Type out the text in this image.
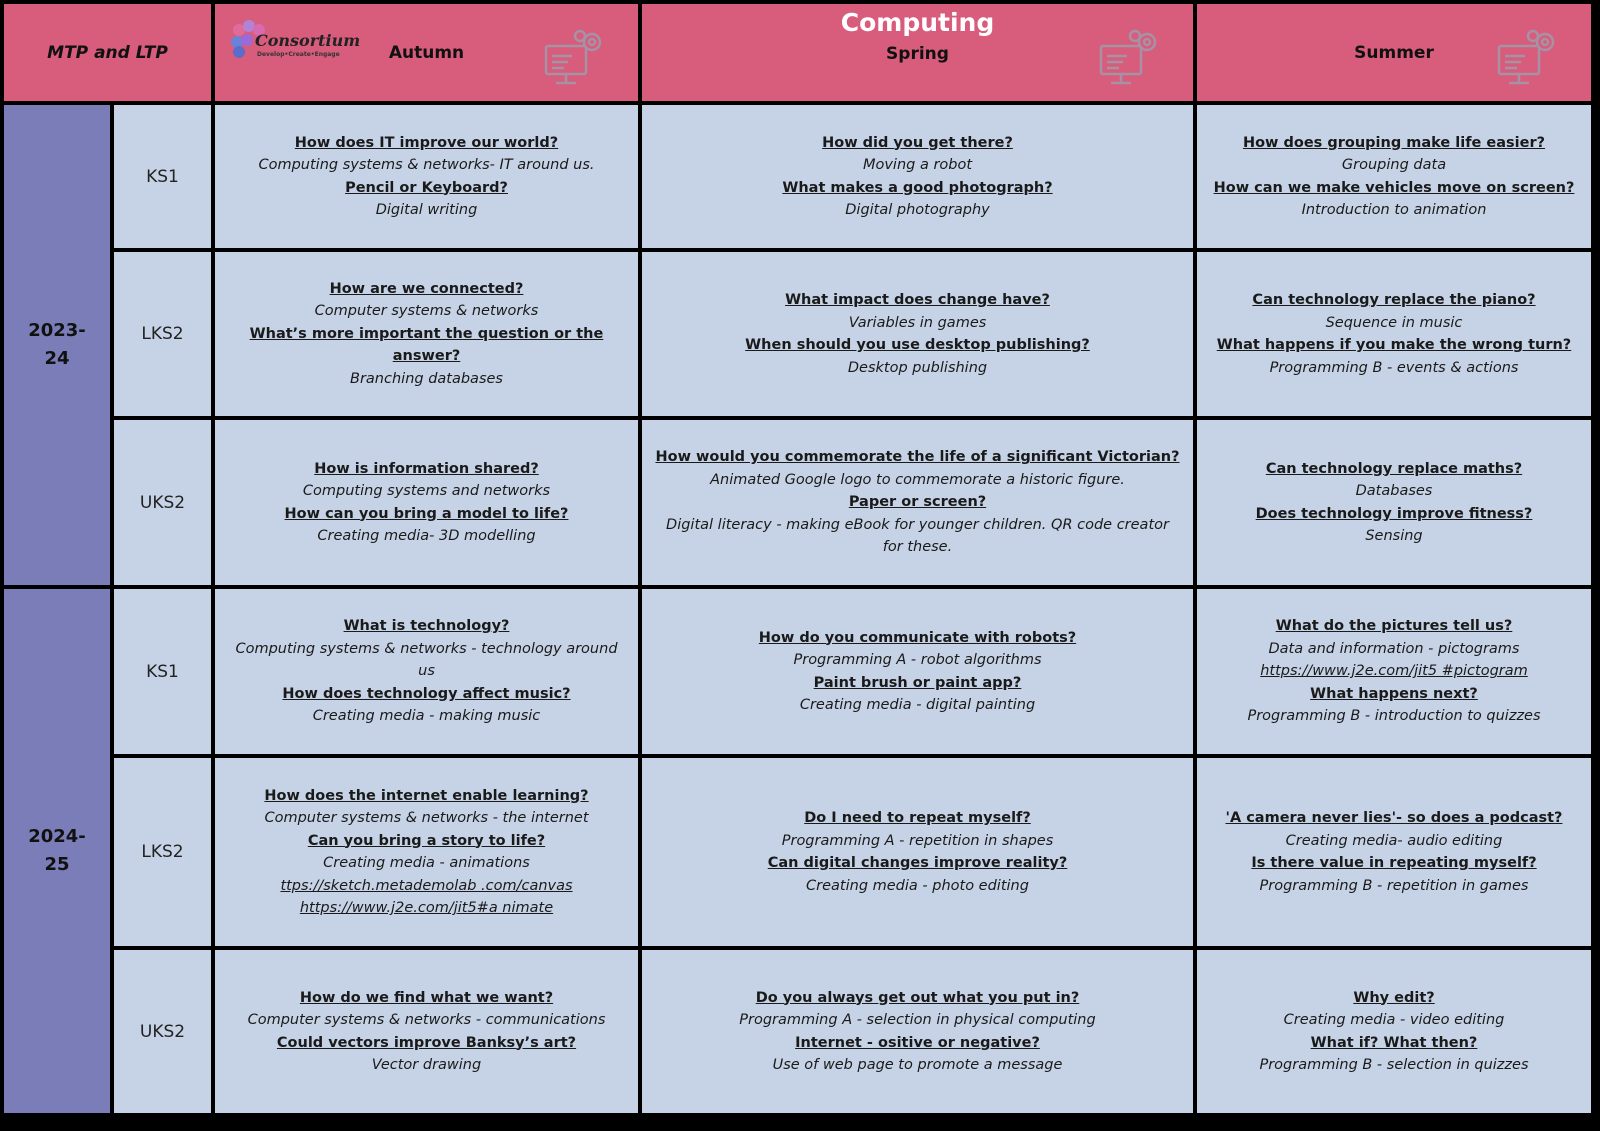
MTP and LTP
Consortium
Develop•Create•Engage	Autumn
Computing
Spring	Summer
2023-
24
KS1
How does IT improve our world?
Computing systems & networks- IT around us.
Pencil or Keyboard?
Digital writing
How did you get there?
Moving a robot
What makes a good photograph?
Digital photography
How does grouping make life easier?
Grouping data
How can we make vehicles move on screen?
Introduction to animation
LKS2
How are we connected?
Computer systems & networks
What’s more important the question or the answer?
Branching databases
What impact does change have?
Variables in games
When should you use desktop publishing?
Desktop publishing
Can technology replace the piano?
Sequence in music
What happens if you make the wrong turn?
Programming B - events & actions
UKS2
How is information shared?
Computing systems and networks
How can you bring a model to life?
Creating media- 3D modelling
How would you commemorate the life of a significant Victorian?
Animated Google logo to commemorate a historic figure.
Paper or screen?
Digital literacy - making eBook for younger children. QR code creator for these.
Can technology replace maths?
Databases
Does technology improve fitness?
Sensing
2024-
25
KS1
What is technology?
Computing systems & networks - technology around us
How does technology affect music?
Creating media - making music
How do you communicate with robots?
Programming A - robot algorithms
Paint brush or paint app?
Creating media - digital painting
What do the pictures tell us?
Data and information - pictograms
https://www.j2e.com/jit5 #pictogram
What happens next?
Programming B - introduction to quizzes
LKS2
How does the internet enable learning?
Computer systems & networks - the internet
Can you bring a story to life?
Creating media - animations
ttps://sketch.metademolab .com/canvas
https://www.j2e.com/jit5#a nimate
Do I need to repeat myself?
Programming A - repetition in shapes
Can digital changes improve reality?
Creating media - photo editing
'A camera never lies'- so does a podcast?
Creating media- audio editing
Is there value in repeating myself?
Programming B - repetition in games
UKS2
How do we find what we want?
Computer systems & networks - communications
Could vectors improve Banksy’s art?
Vector drawing
Do you always get out what you put in?
Programming A - selection in physical computing
Internet - ositive or negative?
Use of web page to promote a message
Why edit?
Creating media - video editing
What if? What then?
Programming B - selection in quizzes
